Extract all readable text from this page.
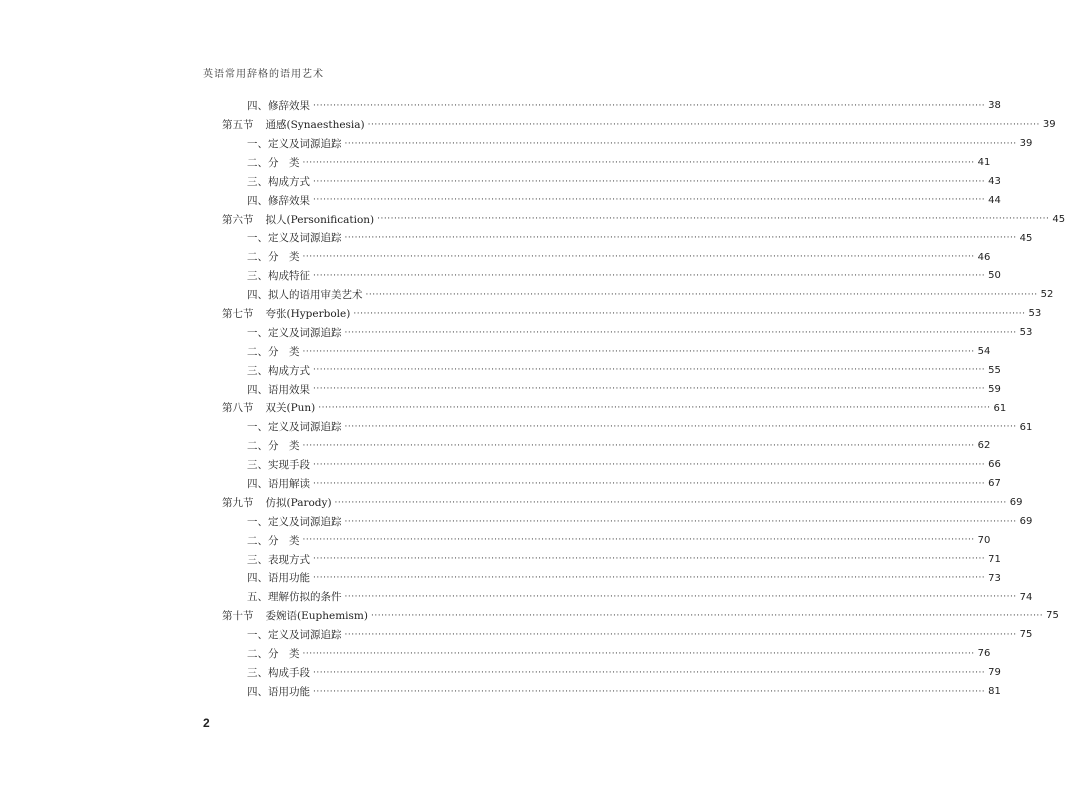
英语常用辞格的语用艺术
四、修辞效果 ········································································································································································································ 38
第五节 通感(Synaesthesia) ········································································································································································································ 39
一、定义及词源追踪 ········································································································································································································ 39
二、分　类 ········································································································································································································ 41
三、构成方式 ········································································································································································································ 43
四、修辞效果 ········································································································································································································ 44
第六节 拟人(Personification) ········································································································································································································ 45
一、定义及词源追踪 ········································································································································································································ 45
二、分　类 ········································································································································································································ 46
三、构成特征 ········································································································································································································ 50
四、拟人的语用审美艺术 ········································································································································································································ 52
第七节 夸张(Hyperbole) ········································································································································································································ 53
一、定义及词源追踪 ········································································································································································································ 53
二、分　类 ········································································································································································································ 54
三、构成方式 ········································································································································································································ 55
四、语用效果 ········································································································································································································ 59
第八节 双关(Pun) ········································································································································································································ 61
一、定义及词源追踪 ········································································································································································································ 61
二、分　类 ········································································································································································································ 62
三、实现手段 ········································································································································································································ 66
四、语用解读 ········································································································································································································ 67
第九节 仿拟(Parody) ········································································································································································································ 69
一、定义及词源追踪 ········································································································································································································ 69
二、分　类 ········································································································································································································ 70
三、表现方式 ········································································································································································································ 71
四、语用功能 ········································································································································································································ 73
五、理解仿拟的条件 ········································································································································································································ 74
第十节 委婉语(Euphemism) ········································································································································································································ 75
一、定义及词源追踪 ········································································································································································································ 75
二、分　类 ········································································································································································································ 76
三、构成手段 ········································································································································································································ 79
四、语用功能 ········································································································································································································ 81
2
